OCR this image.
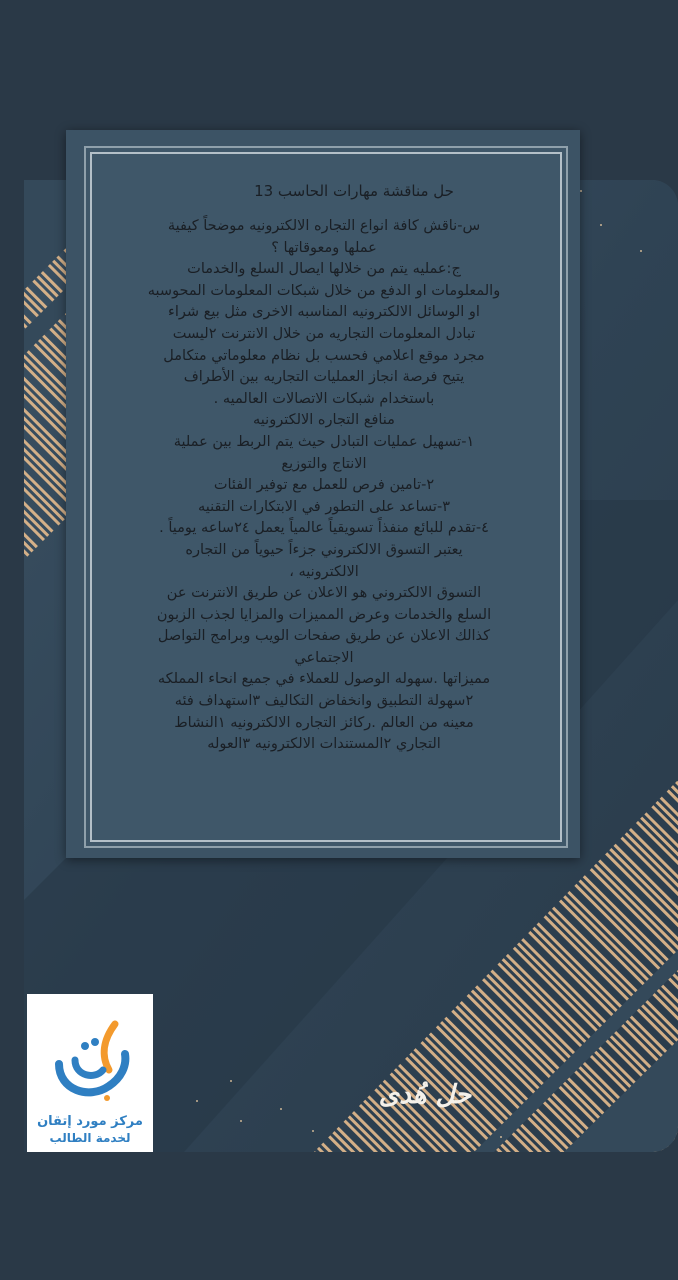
حل مناقشة مهارات الحاسب 13

س-ناقش كافة انواع التجاره الالكترونيه موضحاً كيفية

عملها ومعوقاتها ؟

ج:عمليه يتم من خلالها ايصال السلع والخدمات

والمعلومات او الدفع من خلال شبكات المعلومات المحوسبه

او الوسائل الالكترونيه المناسبه الاخرى مثل بيع شراء

تبادل المعلومات التجاريه من خلال الانترنت ٢ليست

مجرد موقع اعلامي فحسب بل نظام معلوماتي متكامل

يتيح فرصة انجاز العمليات التجاريه بين الأطراف

باستخدام شبكات الاتصالات العالميه .

منافع التجاره الالكترونيه

١-تسهيل عمليات التبادل حيث يتم الربط بين عملية

الانتاج والتوزيع

٢-تامين فرص للعمل مع توفير الفئات

٣-تساعد على التطور في الابتكارات التقنيه

٤-تقدم للبائع منفذاً تسويقياً عالمياً يعمل ٢٤ساعه يومياً .

يعتبر التسوق الالكتروني جزءاً حيوياً من التجاره

الالكترونيه ،

التسوق الالكتروني هو الاعلان عن طريق الانترنت عن

السلع والخدمات وعرض المميزات والمزايا لجذب الزبون

كذالك الاعلان عن طريق صفحات الويب وبرامج التواصل

الاجتماعي

مميزاتها .سهوله الوصول للعملاء في جميع انحاء المملكه

٢سهولة التطبيق وانخفاض التكاليف ٣استهداف فئه

معينه من العالم .ركائز التجاره الالكترونيه ١النشاط

التجاري ٢المستندات الالكترونيه ٣العوله

حل هُدى
مركز مورد إتقان
لخدمة الطالب
